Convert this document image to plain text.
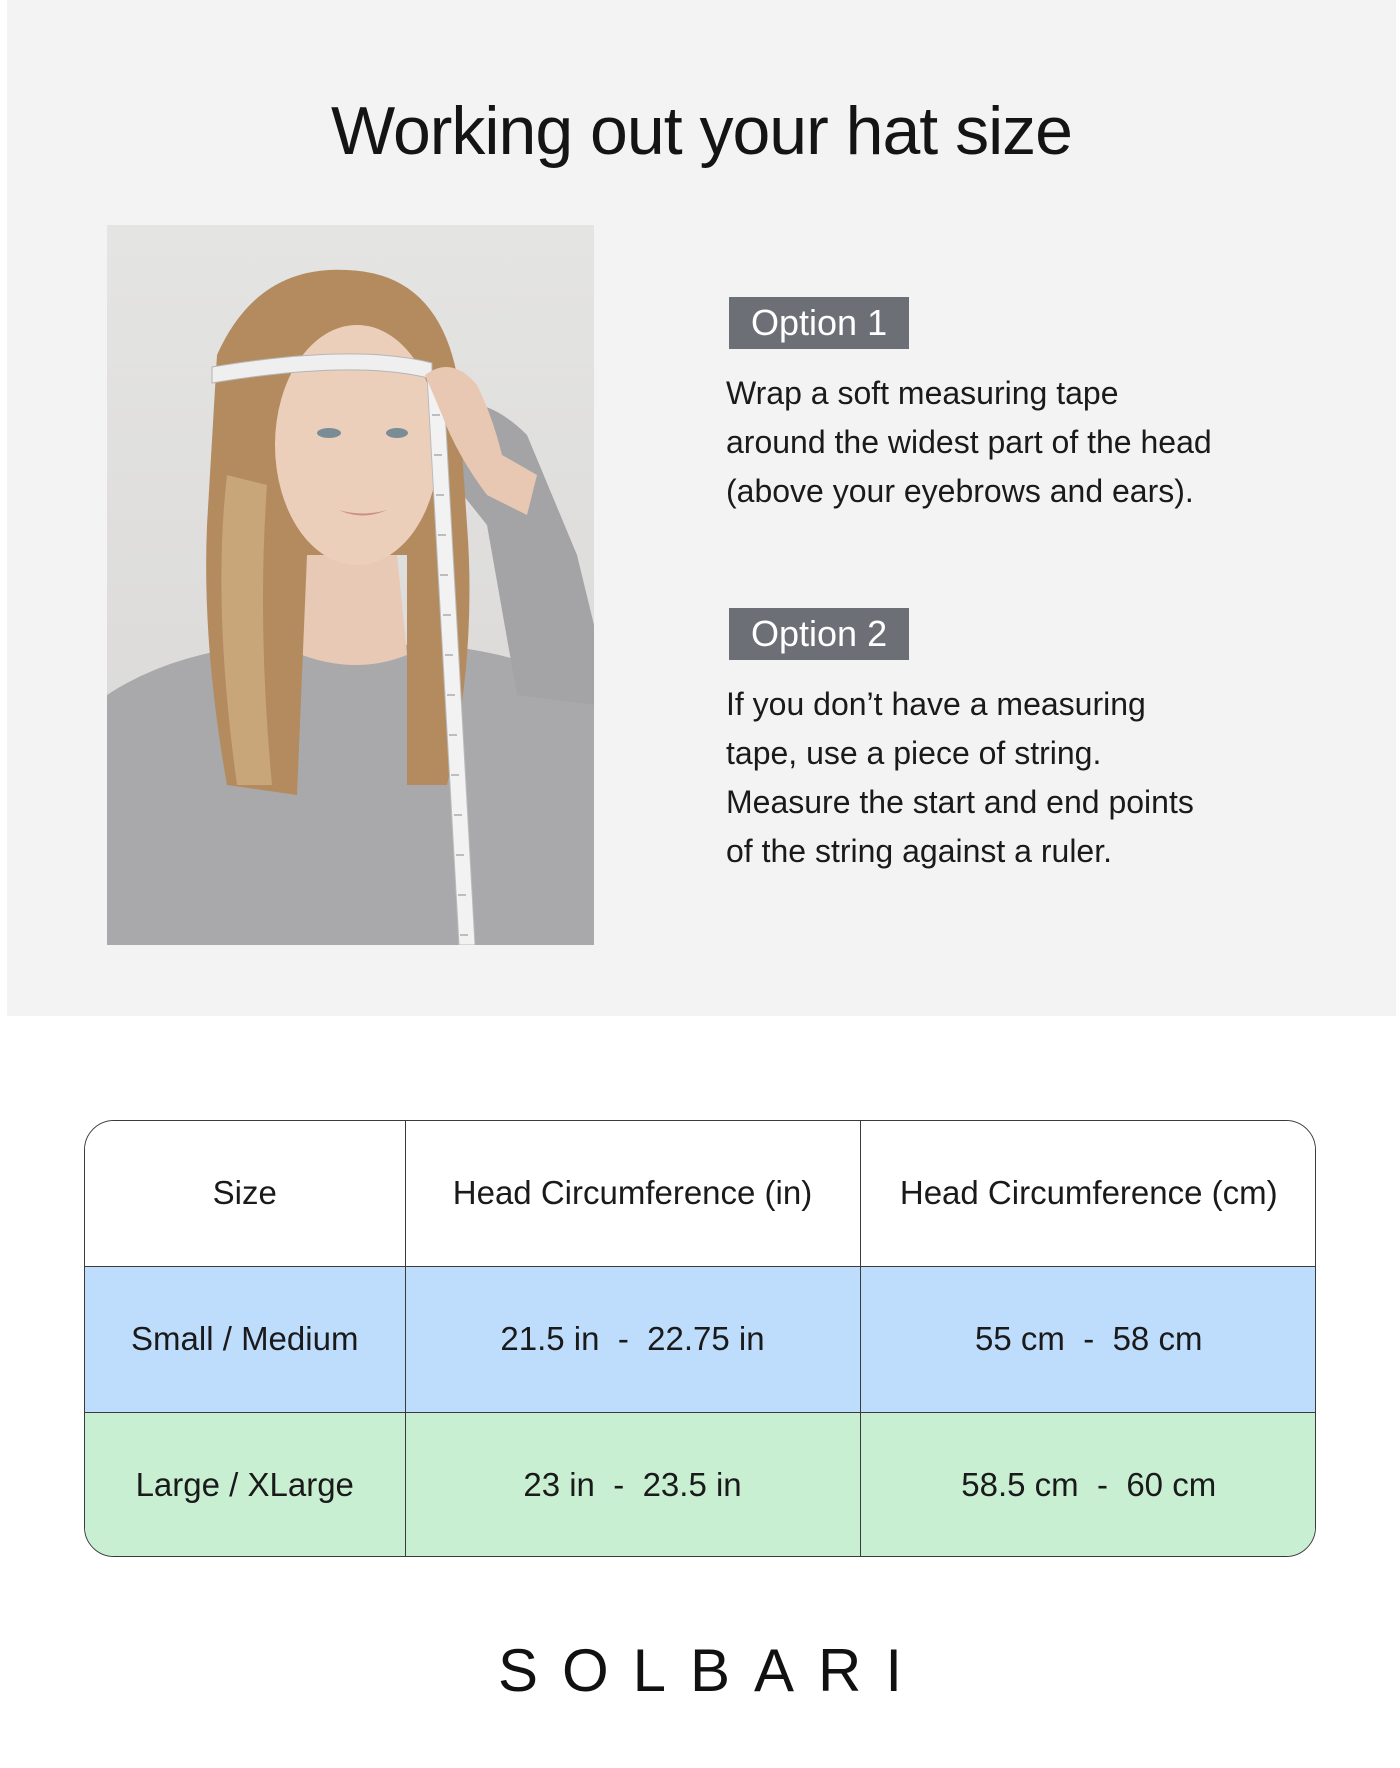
Working out your hat size
Option 1
Wrap a soft measuring tape
around the widest part of the head
(above your eyebrows and ears).
Option 2
If you don’t have a measuring
tape, use a piece of string.
Measure the start and end points
of the string against a ruler.
Size	Head Circumference (in)	Head Circumference (cm)
Small / Medium	21.5 in  -  22.75 in	55 cm  -  58 cm
Large / XLarge	23 in  -  23.5 in	58.5 cm  -  60 cm
SOLBARI
